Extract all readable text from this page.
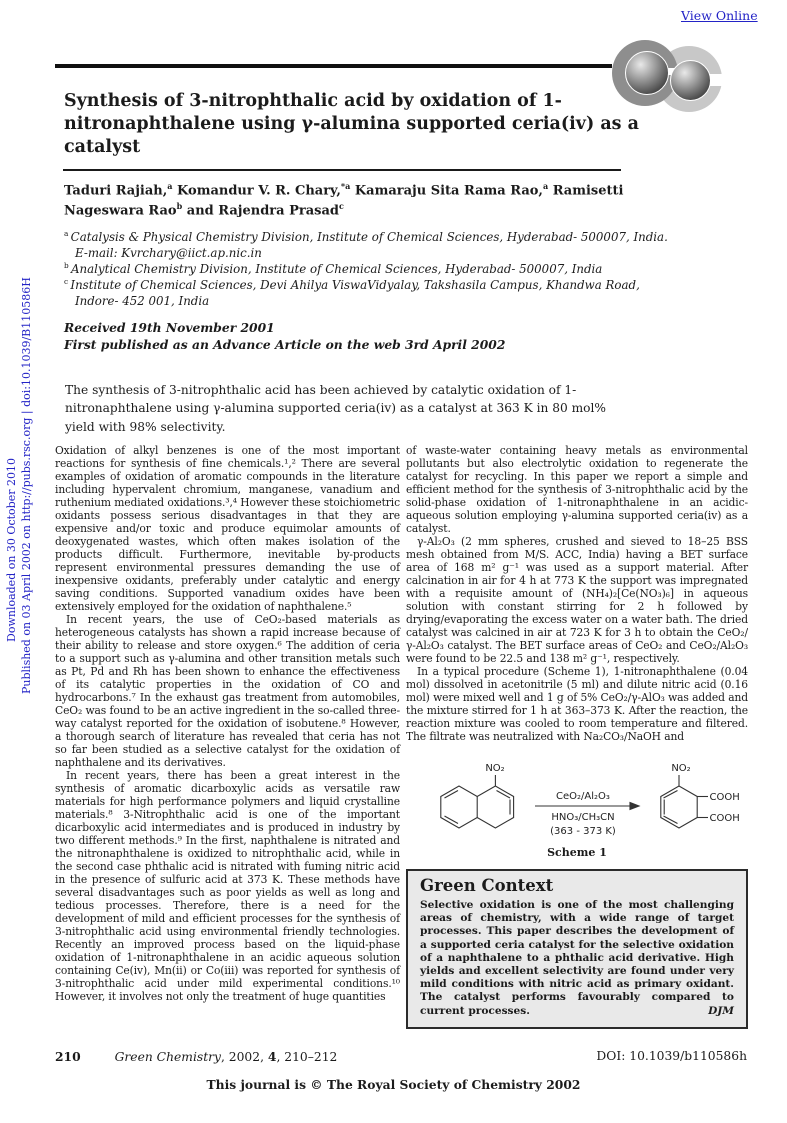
View Online
Downloaded on 30 October 2010 Published on 03 April 2002 on http://pubs.rsc.org | doi:10.1039/B110586H
Synthesis of 3-nitrophthalic acid by oxidation of 1-nitronaphthalene using γ-alumina supported ceria(iv) as a catalyst
Taduri Rajiah,$^a$ Komandur V. R. Chary,$^{*a}$ Kamaraju Sita Rama Rao,$^a$ Ramisetti Nageswara Rao$^b$ and Rajendra Prasad$^c$
$^a$ Catalysis & Physical Chemistry Division, Institute of Chemical Sciences, Hyderabad- 500007, India. E-mail: Kvrchary@iict.ap.nic.in
$^b$ Analytical Chemistry Division, Institute of Chemical Sciences, Hyderabad- 500007, India
$^c$ Institute of Chemical Sciences, Devi Ahilya ViswaVidyalay, Takshasila Campus, Khandwa Road, Indore- 452 001, India
Received 19th November 2001
First published as an Advance Article on the web 3rd April 2002
The synthesis of 3-nitrophthalic acid has been achieved by catalytic oxidation of 1-nitronaphthalene using γ-alumina supported ceria(iv) as a catalyst at 363 K in 80 mol% yield with 98% selectivity.

Oxidation of alkyl benzenes is one of the most important reactions for synthesis of fine chemicals.¹,² There are several examples of oxidation of aromatic compounds in the literature including hypervalent chromium, manganese, vanadium and ruthenium mediated oxidations.³,⁴ However these stoichiometric oxidants possess serious disadvantages in that they are expensive and/or toxic and produce equimolar amounts of deoxygenated wastes, which often makes isolation of the products difficult. Furthermore, inevitable by-products represent environmental pressures demanding the use of inexpensive oxidants, preferably under catalytic and energy saving conditions. Supported vanadium oxides have been extensively employed for the oxidation of naphthalene.⁵

In recent years, the use of CeO₂-based materials as heterogeneous catalysts has shown a rapid increase because of their ability to release and store oxygen.⁶ The addition of ceria to a support such as γ-alumina and other transition metals such as Pt, Pd and Rh has been shown to enhance the effectiveness of its catalytic properties in the oxidation of CO and hydrocarbons.⁷ In the exhaust gas treatment from automobiles, CeO₂ was found to be an active ingredient in the so-called three-way catalyst reported for the oxidation of isobutene.⁸ However, a thorough search of literature has revealed that ceria has not so far been studied as a selective catalyst for the oxidation of naphthalene and its derivatives.

In recent years, there has been a great interest in the synthesis of aromatic dicarboxylic acids as versatile raw materials for high performance polymers and liquid crystalline materials.⁸ 3-Nitrophthalic acid is one of the important dicarboxylic acid intermediates and is produced in industry by two different methods.⁹ In the first, naphthalene is nitrated and the nitronaphthalene is oxidized to nitrophthalic acid, while in the second case phthalic acid is nitrated with fuming nitric acid in the presence of sulfuric acid at 373 K. These methods have several disadvantages such as poor yields as well as long and tedious processes. Therefore, there is a need for the development of mild and efficient processes for the synthesis of 3-nitrophthalic acid using environmental friendly technologies. Recently an improved process based on the liquid-phase oxidation of 1-nitronaphthalene in an acidic aqueous solution containing Ce(iv), Mn(ii) or Co(iii) was reported for synthesis of 3-nitrophthalic acid under mild experimental conditions.¹⁰ However, it involves not only the treatment of huge quantities

of waste-water containing heavy metals as environmental pollutants but also electrolytic oxidation to regenerate the catalyst for recycling. In this paper we report a simple and efficient method for the synthesis of 3-nitrophthalic acid by the solid-phase oxidation of 1-nitronaphthalene in an acidic-aqueous solution employing γ-alumina supported ceria(iv) as a catalyst.

γ-Al₂O₃ (2 mm spheres, crushed and sieved to 18–25 BSS mesh obtained from M/S. ACC, India) having a BET surface area of 168 m² g⁻¹ was used as a support material. After calcination in air for 4 h at 773 K the support was impregnated with a requisite amount of (NH₄)₂[Ce(NO₃)₆] in aqueous solution with constant stirring for 2 h followed by drying/evaporating the excess water on a water bath. The dried catalyst was calcined in air at 723 K for 3 h to obtain the CeO₂/γ-Al₂O₃ catalyst. The BET surface areas of CeO₂ and CeO₂/Al₂O₃ were found to be 22.5 and 138 m² g⁻¹, respectively.

In a typical procedure (Scheme 1), 1-nitronaphthalene (0.04 mol) dissolved in acetonitrile (5 ml) and dilute nitric acid (0.16 mol) were mixed well and 1 g of 5% CeO₂/γ-AlO₃ was added and the mixture stirred for 1 h at 363–373 K. After the reaction, the reaction mixture was cooled to room temperature and filtered. The filtrate was neutralized with Na₂CO₃/NaOH and

NO₂
CeO₂/Al₂O₃
HNO₃/CH₃CN
(363 - 373 K)
NO₂
COOH
COOH
Scheme 1
Green Context
Selective oxidation is one of the most challenging areas of chemistry, with a wide range of target processes. This paper describes the development of a supported ceria catalyst for the selective oxidation of a naphthalene to a phthalic acid derivative. High yields and excellent selectivity are found under very mild conditions with nitric acid as primary oxidant. The catalyst performs favourably compared to current processes.	DJM
210	Green Chemistry, 2002, 4, 210–212	DOI: 10.1039/b110586h
This journal is © The Royal Society of Chemistry 2002
